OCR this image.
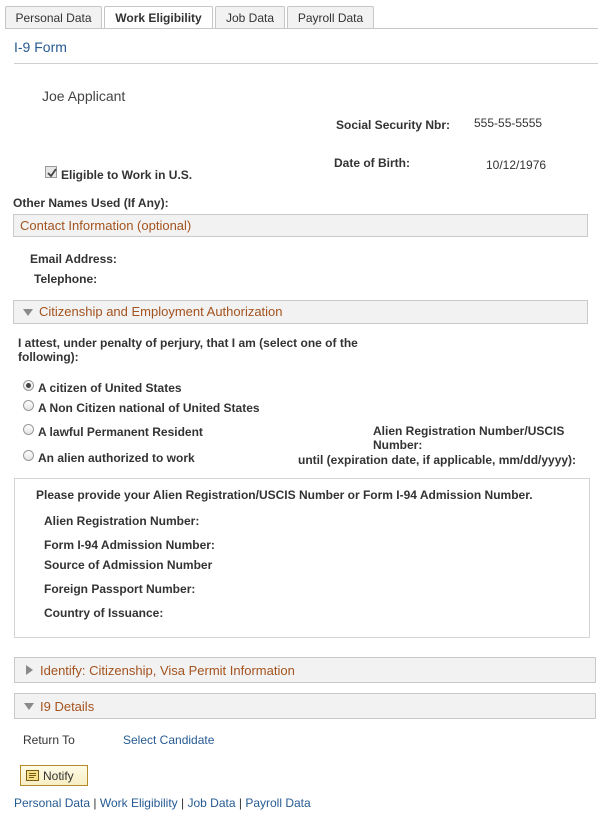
Personal Data	Work Eligibility	Job Data	Payroll Data
I-9 Form
Joe Applicant
Social Security Nbr: 555-55-5555
Date of Birth:	10/12/1976
Eligible to Work in U.S.
Other Names Used (If Any):
Contact Information (optional)
Email Address:
Telephone:
Citizenship and Employment Authorization
I attest, under penalty of perjury, that I am (select one of the
following):
A citizen of United States
A Non Citizen national of United States
A lawful Permanent Resident
An alien authorized to work
Alien Registration Number/USCIS
Number:
until (expiration date, if applicable, mm/dd/yyyy):
Please provide your Alien Registration/USCIS Number or Form I-94 Admission Number.
Alien Registration Number:
Form I-94 Admission Number:
Source of Admission Number
Foreign Passport Number:
Country of Issuance:
Identify: Citizenship, Visa Permit Information
I9 Details
Return To	Select Candidate
Notify
Personal Data | Work Eligibility | Job Data | Payroll Data
